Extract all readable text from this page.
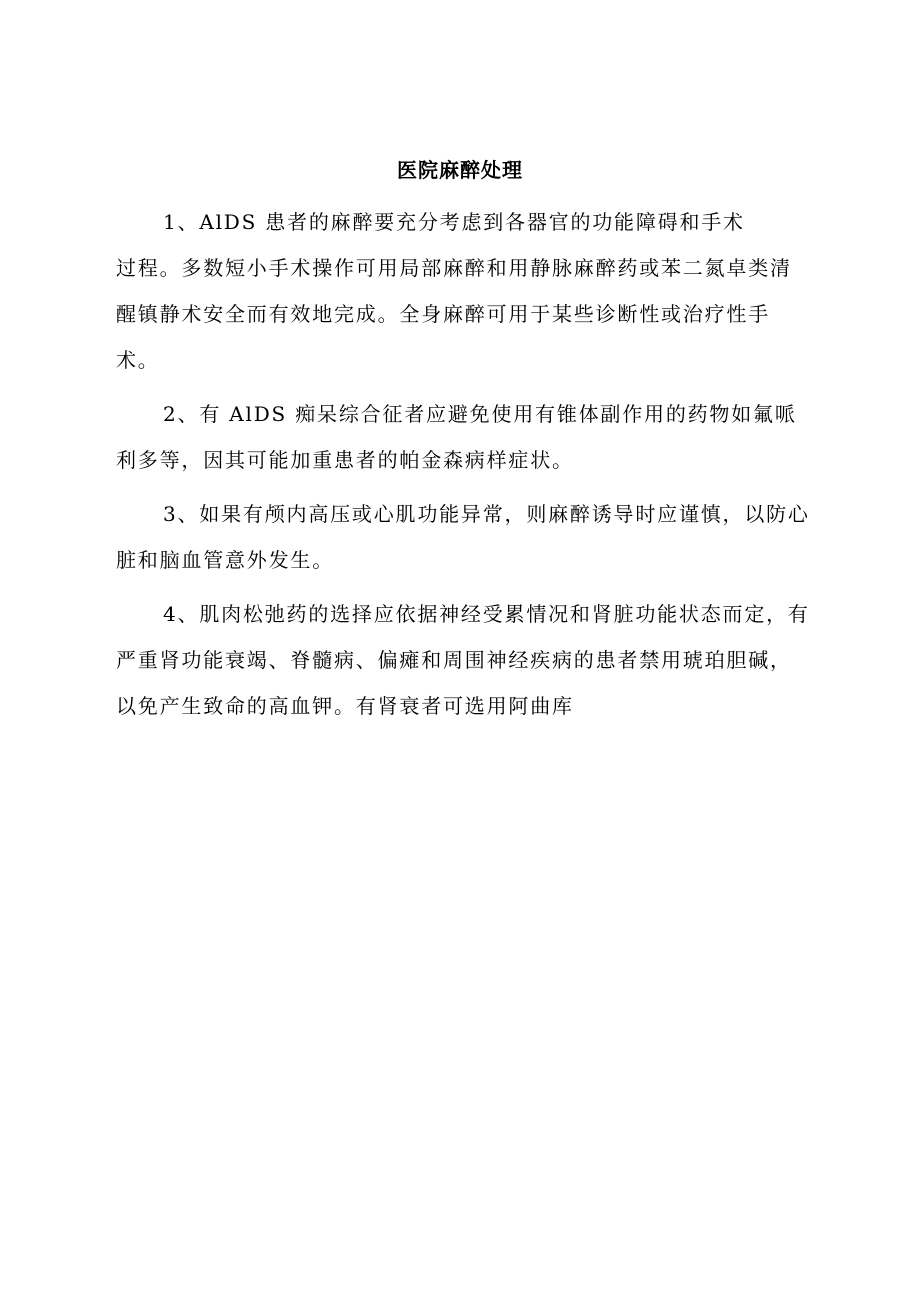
医院麻醉处理

1、AlDS 患者的麻醉要充分考虑到各器官的功能障碍和手术
过程。多数短小手术操作可用局部麻醉和用静脉麻醉药或苯二氮卓类清醒镇静术安全而有效地完成。全身麻醉可用于某些诊断性或治疗性手术。

2、有 AlDS 痴呆综合征者应避免使用有锥体副作用的药物如氟哌利多等，因其可能加重患者的帕金森病样症状。

3、如果有颅内高压或心肌功能异常，则麻醉诱导时应谨慎，以防心脏和脑血管意外发生。

4、肌肉松弛药的选择应依据神经受累情况和肾脏功能状态而定，有严重肾功能衰竭、脊髓病、偏瘫和周围神经疾病的患者禁用琥珀胆碱，以免产生致命的高血钾。有肾衰者可选用阿曲库
